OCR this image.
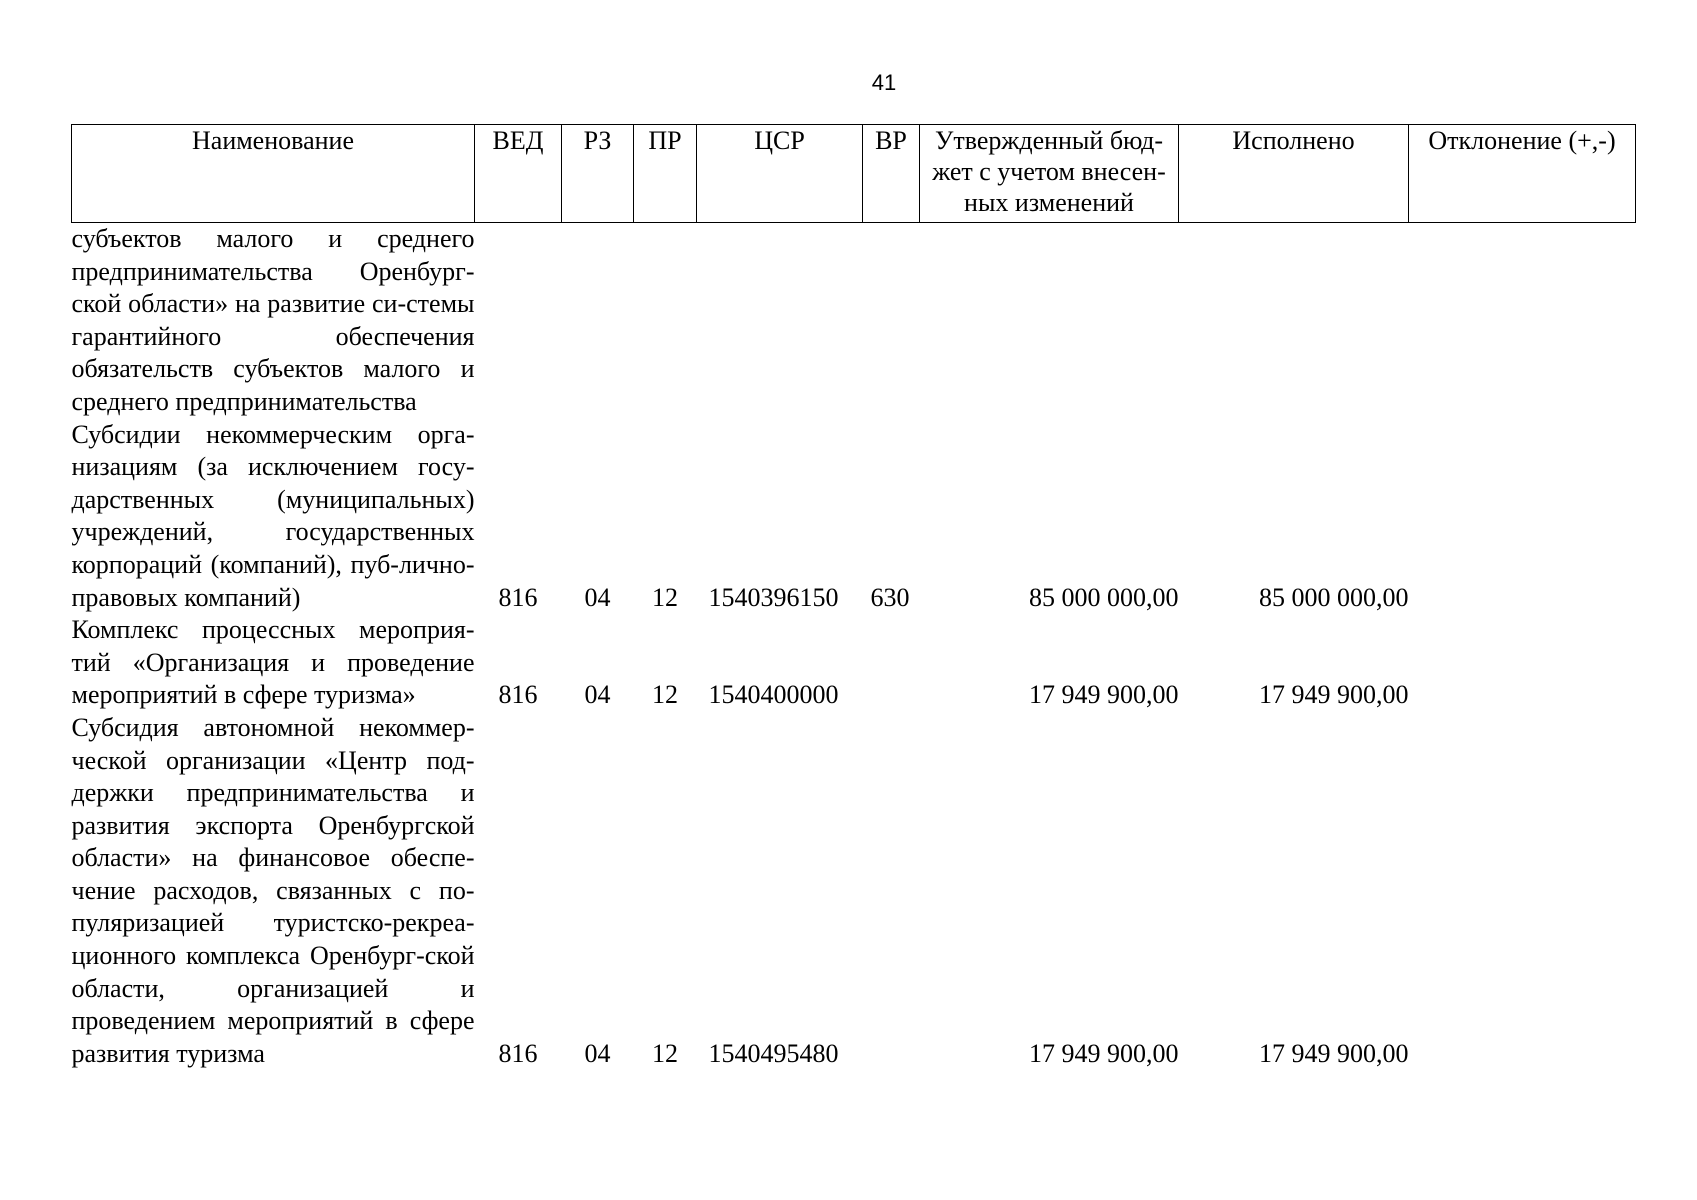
41
Наименование	ВЕД	РЗ	ПР	ЦСР	ВР	Утвержденный бюд-жет с учетом внесен-ных изменений	Исполнено	Отклонение (+,-)
субъектов малого и среднего предпринимательства Оренбург-ской области» на развитие си-стемы гарантийного обеспечения обязательств субъектов малого и среднего предпринимательства								
Субсидии некоммерческим орга-низациям (за исключением госу-дарственных (муниципальных) учреждений, государственных корпораций (компаний), пуб-лично-правовых компаний)	816	04	12	1540396150	630	85 000 000,00	85 000 000,00	
Комплекс процессных мероприя-тий «Организация и проведение мероприятий в сфере туризма»	816	04	12	1540400000		17 949 900,00	17 949 900,00	
Субсидия автономной некоммер-ческой организации «Центр под-держки предпринимательства и развития экспорта Оренбургской области» на финансовое обеспе-чение расходов, связанных с по-пуляризацией туристско-рекреа-ционного комплекса Оренбург-ской области, организацией и проведением мероприятий в сфере развития туризма	816	04	12	1540495480		17 949 900,00	17 949 900,00	
